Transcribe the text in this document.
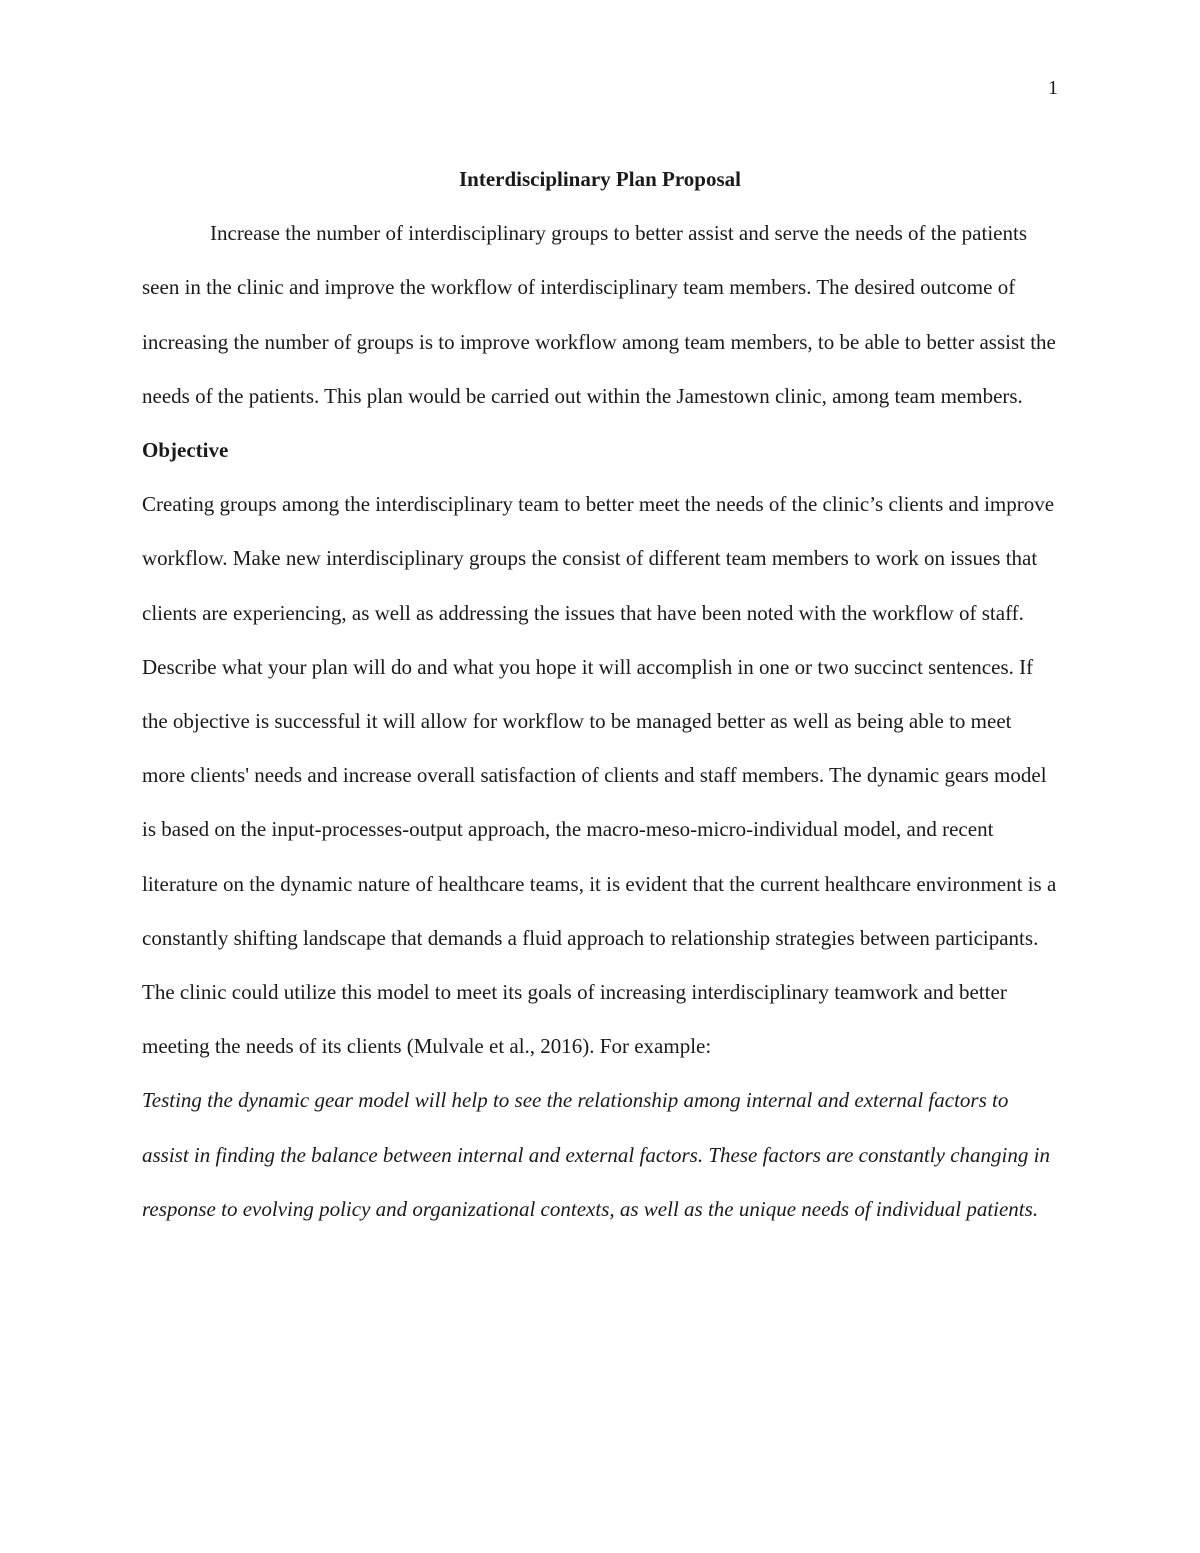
1
Interdisciplinary Plan Proposal

Increase the number of interdisciplinary groups to better assist and serve the needs of the patients seen in the clinic and improve the workflow of interdisciplinary team members. The desired outcome of increasing the number of groups is to improve workflow among team members, to be able to better assist the needs of the patients. This plan would be carried out within the Jamestown clinic, among team members.

Objective

Creating groups among the interdisciplinary team to better meet the needs of the clinic’s clients and improve workflow. Make new interdisciplinary groups the consist of different team members to work on issues that clients are experiencing, as well as addressing the issues that have been noted with the workflow of staff. Describe what your plan will do and what you hope it will accomplish in one or two succinct sentences. If the objective is successful it will allow for workflow to be managed better as well as being able to meet more clients' needs and increase overall satisfaction of clients and staff members. The dynamic gears model is based on the input-processes-output approach, the macro-meso-micro-individual model, and recent literature on the dynamic nature of healthcare teams, it is evident that the current healthcare environment is a constantly shifting landscape that demands a fluid approach to relationship strategies between participants. The clinic could utilize this model to meet its goals of increasing interdisciplinary teamwork and better meeting the needs of its clients (Mulvale et al., 2016). For example:

Testing the dynamic gear model will help to see the relationship among internal and external factors to assist in finding the balance between internal and external factors. These factors are constantly changing in response to evolving policy and organizational contexts, as well as the unique needs of individual patients.
